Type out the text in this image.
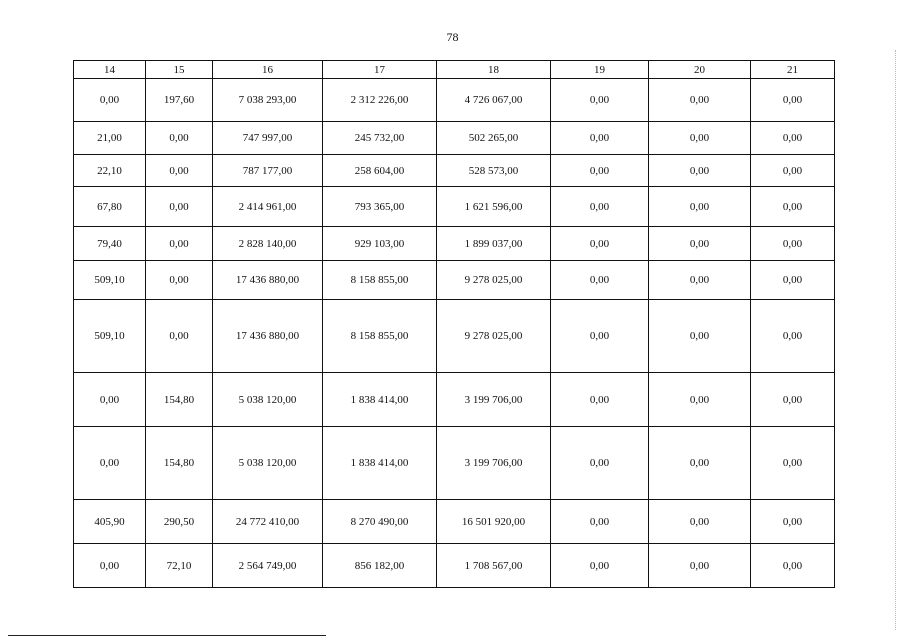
78
14	15	16	17	18	19	20	21
0,00	197,60	7 038 293,00	2 312 226,00	4 726 067,00	0,00	0,00	0,00
21,00	0,00	747 997,00	245 732,00	502 265,00	0,00	0,00	0,00
22,10	0,00	787 177,00	258 604,00	528 573,00	0,00	0,00	0,00
67,80	0,00	2 414 961,00	793 365,00	1 621 596,00	0,00	0,00	0,00
79,40	0,00	2 828 140,00	929 103,00	1 899 037,00	0,00	0,00	0,00
509,10	0,00	17 436 880,00	8 158 855,00	9 278 025,00	0,00	0,00	0,00
509,10	0,00	17 436 880,00	8 158 855,00	9 278 025,00	0,00	0,00	0,00
0,00	154,80	5 038 120,00	1 838 414,00	3 199 706,00	0,00	0,00	0,00
0,00	154,80	5 038 120,00	1 838 414,00	3 199 706,00	0,00	0,00	0,00
405,90	290,50	24 772 410,00	8 270 490,00	16 501 920,00	0,00	0,00	0,00
0,00	72,10	2 564 749,00	856 182,00	1 708 567,00	0,00	0,00	0,00
